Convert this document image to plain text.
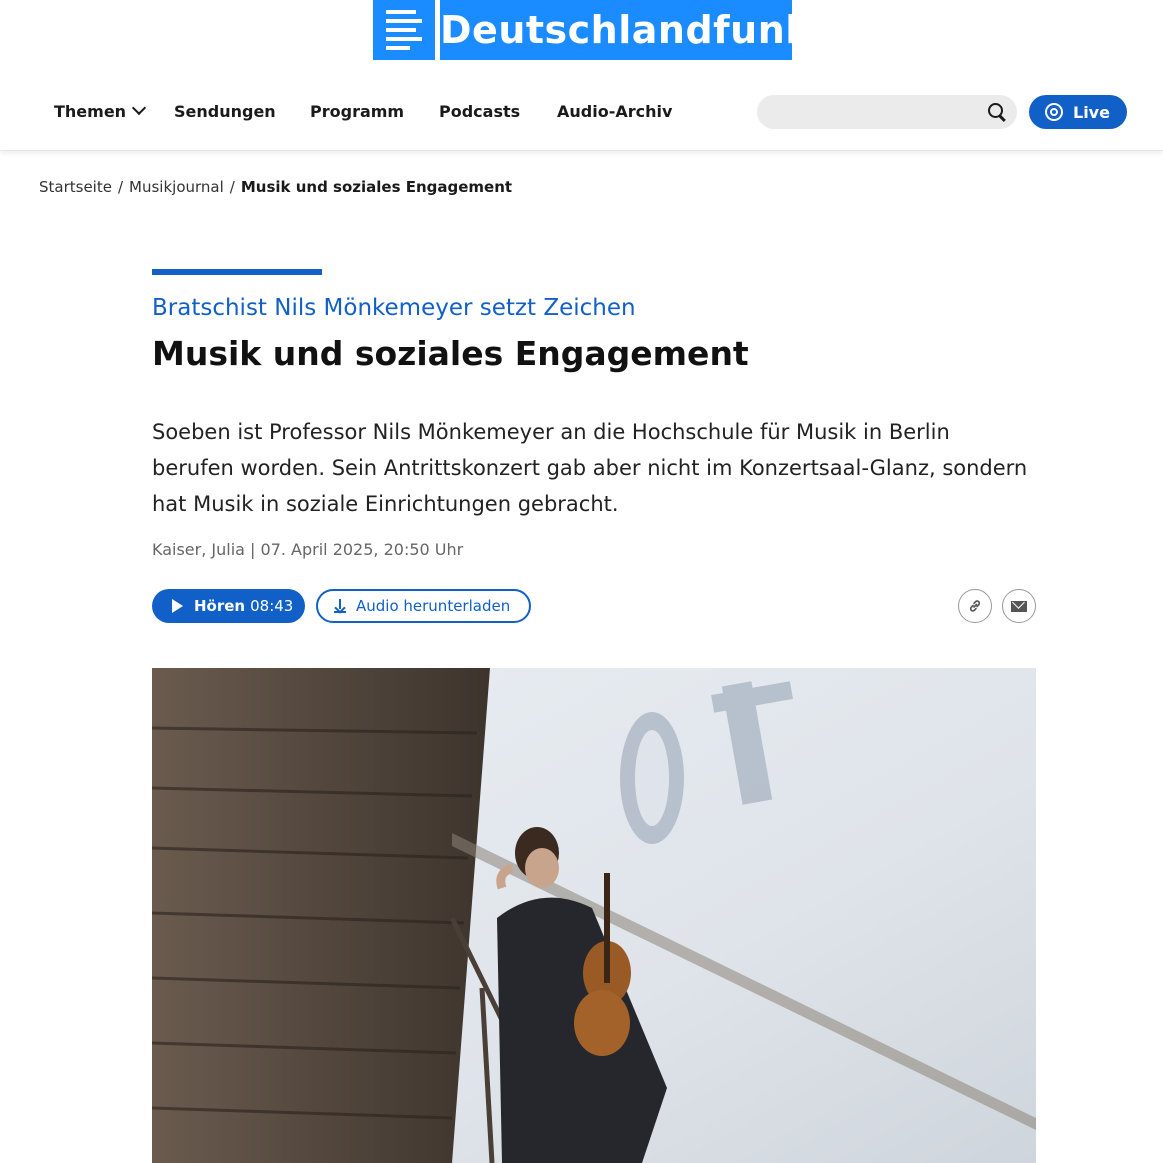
Deutschlandfunk
Themen	Sendungen Programm Podcasts Audio-Archiv	Live
Startseite / Musikjournal / Musik und soziales Engagement
Bratschist Nils Mönkemeyer setzt Zeichen
Musik und soziales Engagement

Soeben ist Professor Nils Mönkemeyer an die Hochschule für Musik in Berlin berufen worden. Sein Antrittskonzert gab aber nicht im Konzertsaal-Glanz, sondern hat Musik in soziale Einrichtungen gebracht.

Kaiser, Julia | 07. April 2025, 20:50 Uhr
Hören 08:43	Audio herunterladen
